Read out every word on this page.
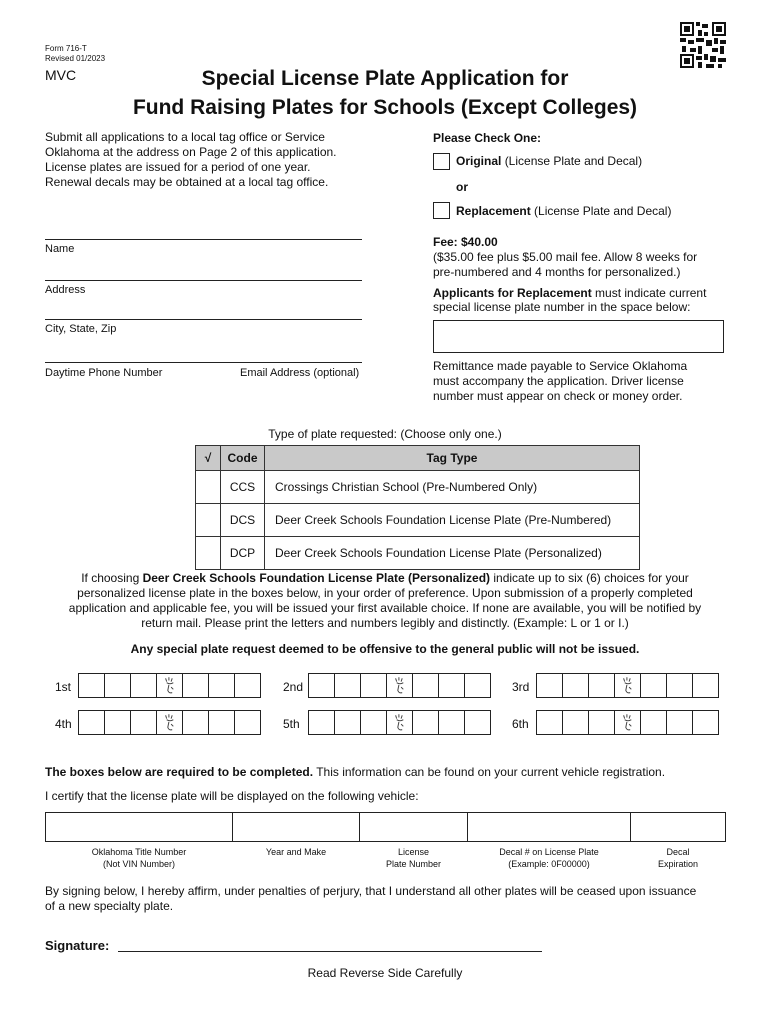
Form 716-T
Revised 01/2023
MVC	Special License Plate Application for
Fund Raising Plates for Schools (Except Colleges)
Submit all applications to a local tag office or Service
Oklahoma at the address on Page 2 of this application.
License plates are issued for a period of one year.
Renewal decals may be obtained at a local tag office.
Name
Address
City, State, Zip
Daytime Phone Number	Email Address (optional)
Please Check One:
Original (License Plate and Decal)
or
Replacement (License Plate and Decal)
Fee: $40.00
($35.00 fee plus $5.00 mail fee. Allow 8 weeks for
pre-numbered and 4 months for personalized.)
Applicants for Replacement must indicate current
special license plate number in the space below:
Remittance made payable to Service Oklahoma
must accompany the application. Driver license
number must appear on check or money order.
Type of plate requested: (Choose only one.)
√	Code	Tag Type
	CCS	Crossings Christian School (Pre-Numbered Only)
	DCS	Deer Creek Schools Foundation License Plate (Pre-Numbered)
	DCP	Deer Creek Schools Foundation License Plate (Personalized)
If choosing Deer Creek Schools Foundation License Plate (Personalized) indicate up to six (6) choices for your
personalized license plate in the boxes below, in your order of preference. Upon submission of a properly completed
application and applicable fee, you will be issued your first available choice. If none are available, you will be notified by
return mail. Please print the letters and numbers legibly and distinctly. (Example: L or 1 or I.)
Any special plate request deemed to be offensive to the general public will not be issued.
1st	2nd	3rd
4th	5th	6th
The boxes below are required to be completed. This information can be found on your current vehicle registration.
I certify that the license plate will be displayed on the following vehicle:
Oklahoma Title Number
(Not VIN Number)
Year and Make	License
Plate Number
Decal # on License Plate
(Example: 0F00000)
Decal
Expiration
By signing below, I hereby affirm, under penalties of perjury, that I understand all other plates will be ceased upon issuance
of a new specialty plate.
Signature:
Read Reverse Side Carefully
